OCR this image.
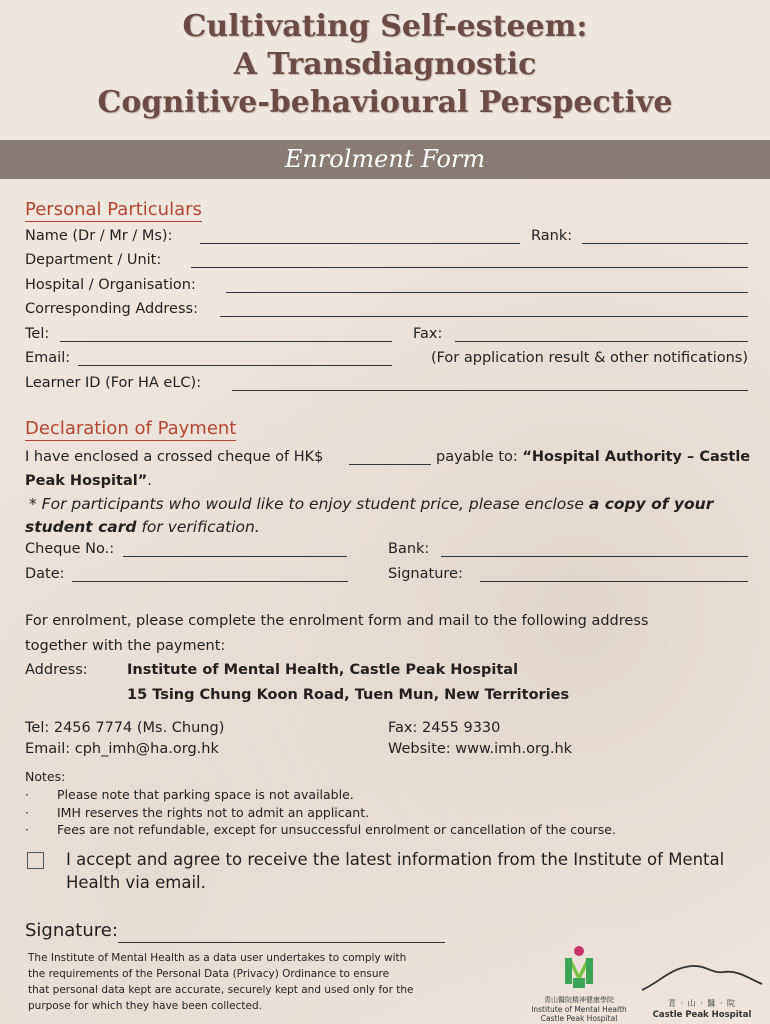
Cultivating Self-esteem:
A Transdiagnostic
Cognitive-behavioural Perspective
Enrolment Form
Personal Particulars
Name (Dr / Mr / Ms):	Rank:
Department / Unit:
Hospital / Organisation:
Corresponding Address:
Tel:	Fax:
Email:	(For application result & other notifications)
Learner ID (For HA eLC):
Declaration of Payment
I have enclosed a crossed cheque of HK$	payable to: “Hospital Authority – Castle
Peak Hospital”.
* For participants who would like to enjoy student price, please enclose a copy of your
student card for verification.
Cheque No.:	Bank:
Date:	Signature:
For enrolment, please complete the enrolment form and mail to the following address
together with the payment:
Address:	Institute of Mental Health, Castle Peak Hospital
15 Tsing Chung Koon Road, Tuen Mun, New Territories
Tel: 2456 7774 (Ms. Chung)	Fax: 2455 9330
Email: cph_imh@ha.org.hk	Website: www.imh.org.hk
Notes:
· Please note that parking space is not available.
· IMH reserves the rights not to admit an applicant.
· Fees are not refundable, except for unsuccessful enrolment or cancellation of the course.
I accept and agree to receive the latest information from the Institute of Mental
Health via email.
Signature:
The Institute of Mental Health as a data user undertakes to comply with
the requirements of the Personal Data (Privacy) Ordinance to ensure
that personal data kept are accurate, securely kept and used only for the
purpose for which they have been collected.	青山醫院精神健康學院
Institute of Mental Health
Castle Peak Hospital
青 · 山 · 醫 · 院
Castle Peak Hospital
